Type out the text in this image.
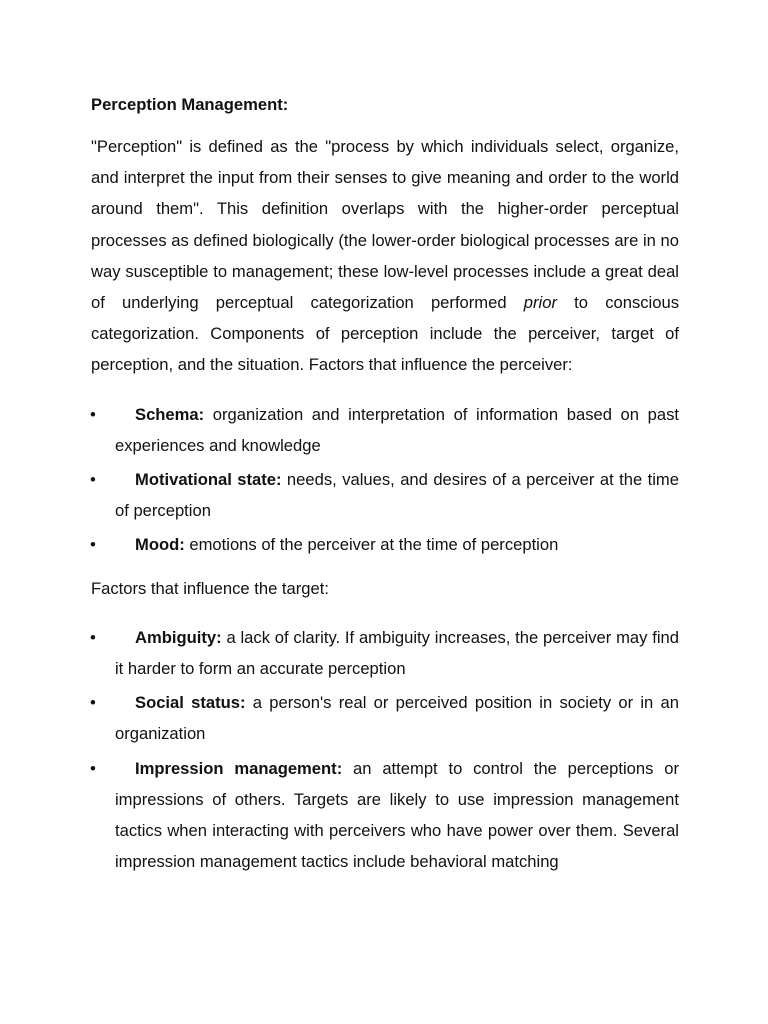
Perception Management:

"Perception" is defined as the "process by which individuals select, organize, and interpret the input from their senses to give meaning and order to the world around them". This definition overlaps with the higher-order perceptual processes as defined biologically (the lower-order biological processes are in no way susceptible to management; these low-level processes include a great deal of underlying perceptual categorization performed prior to conscious categorization. Components of perception include the perceiver, target of perception, and the situation. Factors that influence the perceiver:

•	Schema: organization and interpretation of information based on past experiences and knowledge
•	Motivational state: needs, values, and desires of a perceiver at the time of perception
•	Mood: emotions of the perceiver at the time of perception

Factors that influence the target:

•	Ambiguity: a lack of clarity. If ambiguity increases, the perceiver may find it harder to form an accurate perception
•	Social status: a person's real or perceived position in society or in an organization
•	Impression management: an attempt to control the perceptions or impressions of others. Targets are likely to use impression management tactics when interacting with perceivers who have power over them. Several impression management tactics include behavioral matching
